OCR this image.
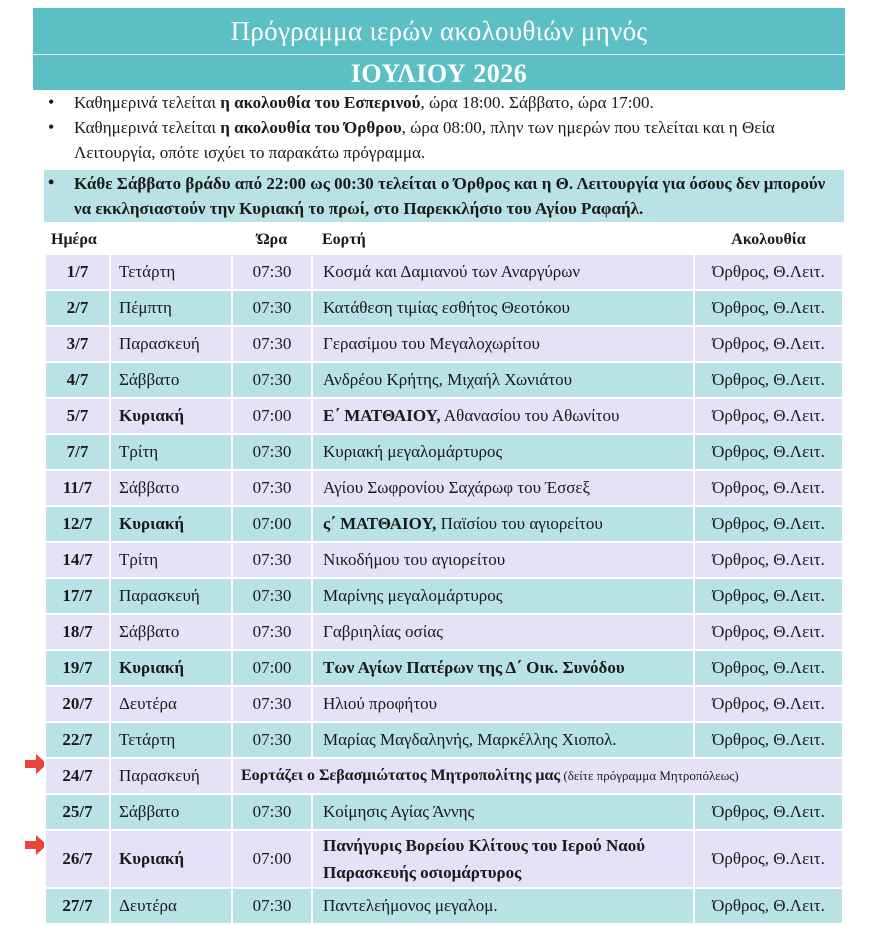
Πρόγραμμα ιερών ακολουθιών μηνός
ΙΟΥΛΙΟΥ 2026
• Καθημερινά τελείται η ακολουθία του Εσπερινού, ώρα 18:00. Σάββατο, ώρα 17:00.
• Καθημερινά τελείται η ακολουθία του Όρθρου, ώρα 08:00, πλην των ημερών που τελείται και η Θεία Λειτουργία, οπότε ισχύει το παρακάτω πρόγραμμα.
• Κάθε Σάββατο βράδυ από 22:00 ως 00:30 τελείται ο Όρθρος και η Θ. Λειτουργία για όσους δεν μπορούν να εκκλησιαστούν την Κυριακή το πρωί, στο Παρεκκλήσιο του Αγίου Ραφαήλ.
Ημέρα		Ώρα	Εορτή	Ακολουθία
1/7	Τετάρτη	07:30	Κοσμά και Δαμιανού των Αναργύρων	Όρθρος, Θ.Λειτ.
2/7	Πέμπτη	07:30	Κατάθεση τιμίας εσθήτος Θεοτόκου	Όρθρος, Θ.Λειτ.
3/7	Παρασκευή	07:30	Γερασίμου του Μεγαλοχωρίτου	Όρθρος, Θ.Λειτ.
4/7	Σάββατο	07:30	Ανδρέου Κρήτης, Μιχαήλ Χωνιάτου	Όρθρος, Θ.Λειτ.
5/7	Κυριακή	07:00	Ε΄ ΜΑΤΘΑΙΟΥ, Αθανασίου του Αθωνίτου	Όρθρος, Θ.Λειτ.
7/7	Τρίτη	07:30	Κυριακή μεγαλομάρτυρος	Όρθρος, Θ.Λειτ.
11/7	Σάββατο	07:30	Αγίου Σωφρονίου Σαχάρωφ του Έσσεξ	Όρθρος, Θ.Λειτ.
12/7	Κυριακή	07:00	ς΄ ΜΑΤΘΑΙΟΥ, Παϊσίου του αγιορείτου	Όρθρος, Θ.Λειτ.
14/7	Τρίτη	07:30	Νικοδήμου του αγιορείτου	Όρθρος, Θ.Λειτ.
17/7	Παρασκευή	07:30	Μαρίνης μεγαλομάρτυρος	Όρθρος, Θ.Λειτ.
18/7	Σάββατο	07:30	Γαβριηλίας οσίας	Όρθρος, Θ.Λειτ.
19/7	Κυριακή	07:00	Των Αγίων Πατέρων της Δ΄ Οικ. Συνόδου	Όρθρος, Θ.Λειτ.
20/7	Δευτέρα	07:30	Ηλιού προφήτου	Όρθρος, Θ.Λειτ.
22/7	Τετάρτη	07:30	Μαρίας Μαγδαληνής, Μαρκέλλης Χιοπολ.	Όρθρος, Θ.Λειτ.
24/7	Παρασκευή	Εορτάζει ο Σεβασμιώτατος Μητροπολίτης μας (δείτε πρόγραμμα Μητροπόλεως)		
25/7	Σάββατο	07:30	Κοίμησις Αγίας Άννης	Όρθρος, Θ.Λειτ.
26/7	Κυριακή	07:00	Πανήγυρις Βορείου Κλίτους του Ιερού Ναού
Παρασκευής οσιομάρτυρος	Όρθρος, Θ.Λειτ.
27/7	Δευτέρα	07:30	Παντελεήμονος μεγαλομ.	Όρθρος, Θ.Λειτ.
